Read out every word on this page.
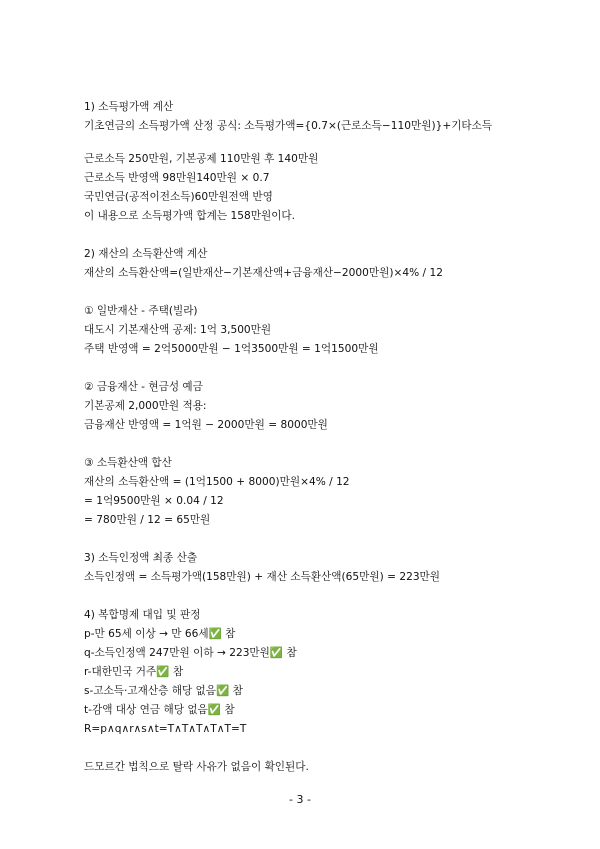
1) 소득평가액 계산
기초연금의 소득평가액 산정 공식: 소득평가액={0.7×(근로소득−110만원)}+기타소득
근로소득 250만원, 기본공제 110만원 후 140만원
근로소득 반영액 98만원140만원 × 0.7
국민연금(공적이전소득)60만원전액 반영
이 내용으로 소득평가액 합계는 158만원이다.
2) 재산의 소득환산액 계산
재산의 소득환산액=(일반재산−기본재산액+금융재산−2000만원)×4% / 12
① 일반재산 - 주택(빌라)
대도시 기본재산액 공제: 1억 3,500만원
주택 반영액 = 2억5000만원 − 1억3500만원 = 1억1500만원
② 금융재산 - 현금성 예금
기본공제 2,000만원 적용:
금융재산 반영액 = 1억원 − 2000만원 = 8000만원
③ 소득환산액 합산
재산의 소득환산액 = (1억1500 + 8000)만원×4% / 12
= 1억9500만원 × 0.04 / 12
= 780만원 / 12 = 65만원
3) 소득인정액 최종 산출
소득인정액 = 소득평가액(158만원) + 재산 소득환산액(65만원) = 223만원
4) 복합명제 대입 및 판정
p-만 65세 이상 → 만 66세✅ 참
q-소득인정액 247만원 이하 → 223만원✅ 참
r-대한민국 거주✅ 참
s-고소득·고재산층 해당 없음✅ 참
t-감액 대상 연금 해당 없음✅ 참
R=p∧q∧r∧s∧t=T∧T∧T∧T∧T=T
드모르간 법칙으로 탈락 사유가 없음이 확인된다.
- 3 -
